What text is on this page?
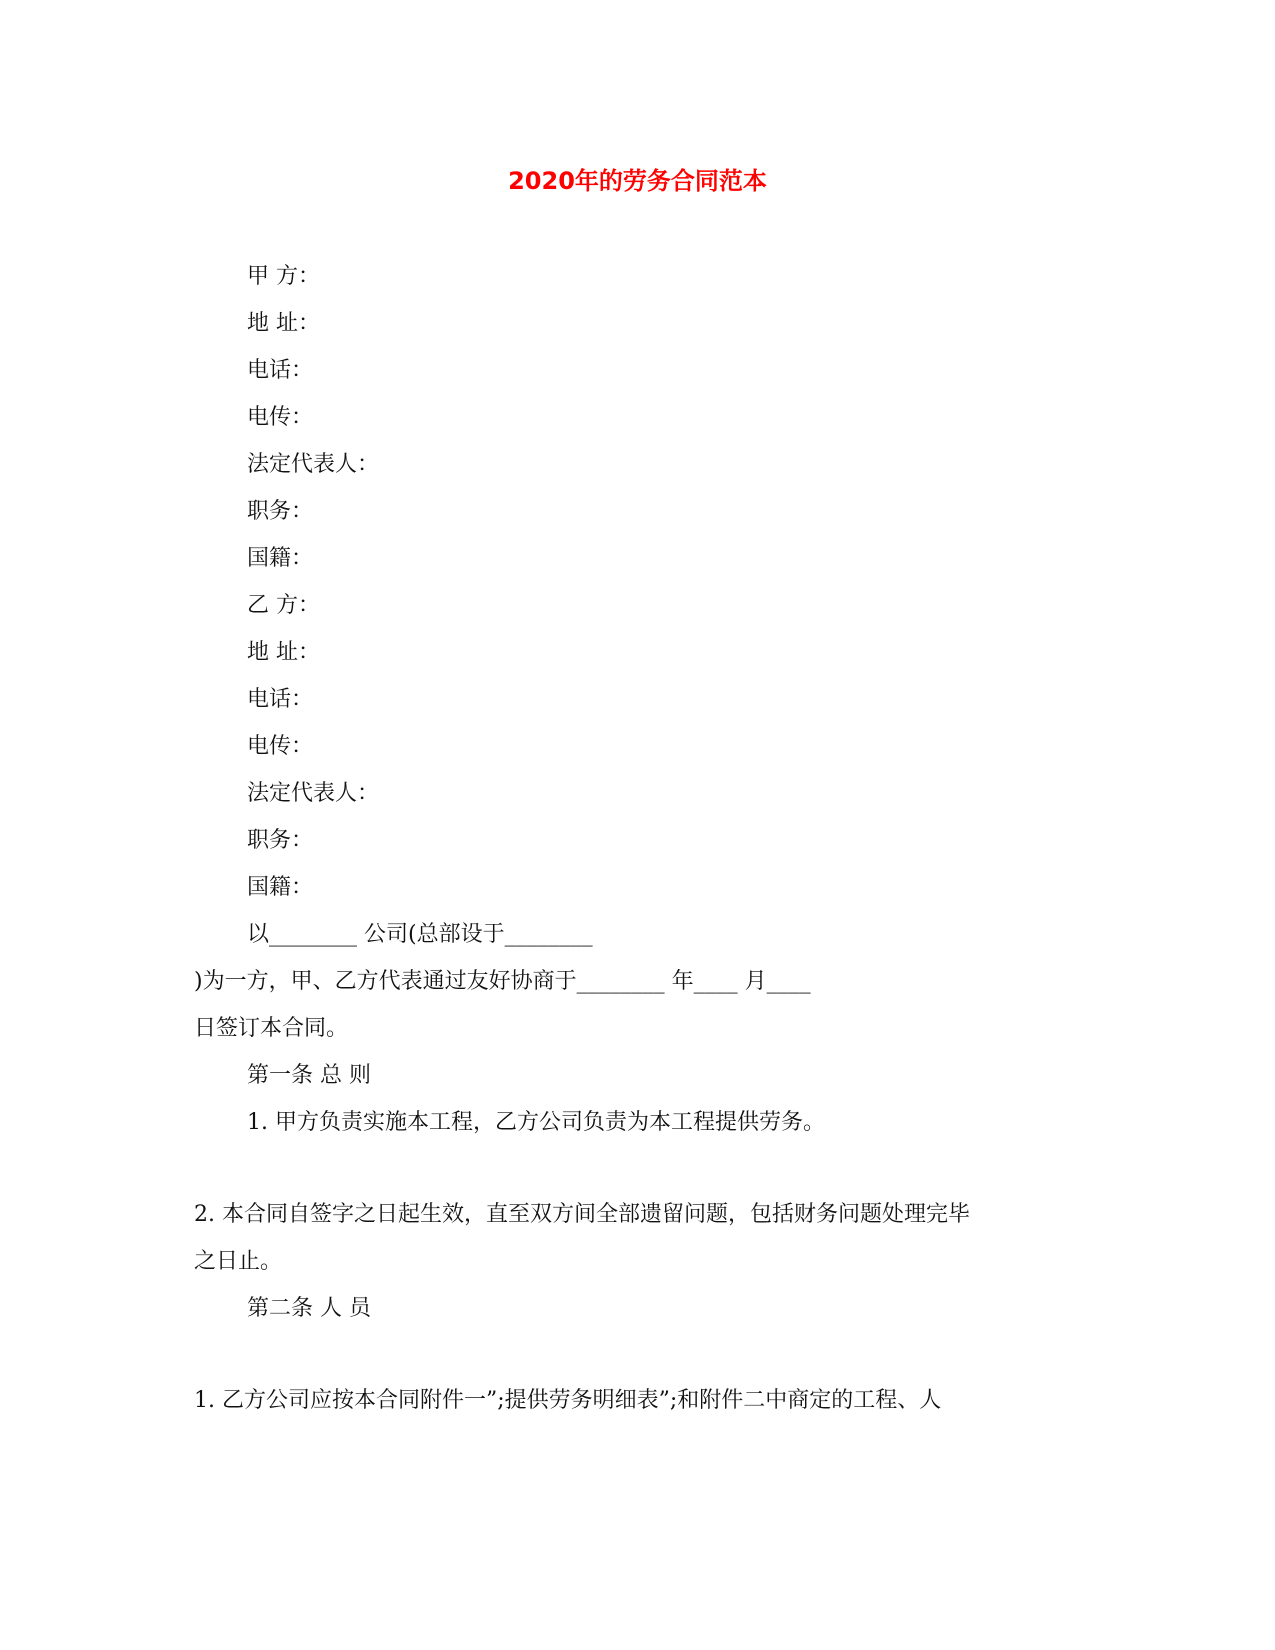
2020年的劳务合同范本
甲 方：
地 址：
电话：
电传：
法定代表人：
职务：
国籍：
乙 方：
地 址：
电话：
电传：
法定代表人：
职务：
国籍：
以________ 公司(总部设于________
)为一方，甲、乙方代表通过友好协商于________ 年____ 月____
日签订本合同。
第一条 总 则
1. 甲方负责实施本工程，乙方公司负责为本工程提供劳务。
2. 本合同自签字之日起生效，直至双方间全部遗留问题，包括财务问题处理完毕
之日止。
第二条 人 员
1. 乙方公司应按本合同附件一”;提供劳务明细表”;和附件二中商定的工程、人
